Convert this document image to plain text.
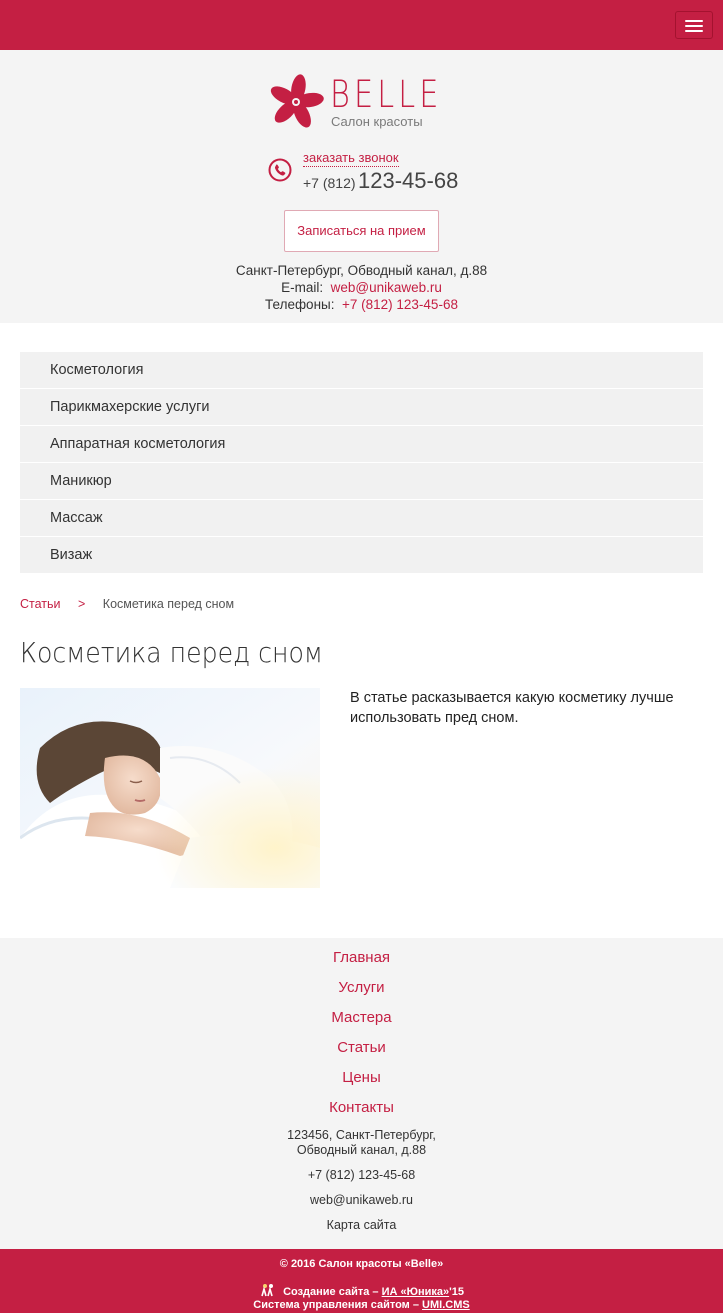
BELLE
Салон красоты
заказать звонок
+7 (812) 123-45-68
Записаться на прием
Санкт-Петербург, Обводный канал, д.88
E-mail: web@unikaweb.ru
Телефоны: +7 (812) 123-45-68
Косметология
Парикмахерские услуги
Аппаратная косметология
Маникюр
Массаж
Визаж
Статьи > Косметика перед сном
Косметика перед сном

В статье расказывается какую косметику лучше использовать пред сном.

Главная
Услуги
Мастера
Статьи
Цены
Контакты
123456, Санкт-Петербург,
Обводный канал, д.88
+7 (812) 123-45-68
web@unikaweb.ru
Карта сайта
© 2016 Салон красоты «Belle»
Создание сайта – ИА «Юника»'15
Система управления сайтом – UMI.CMS
